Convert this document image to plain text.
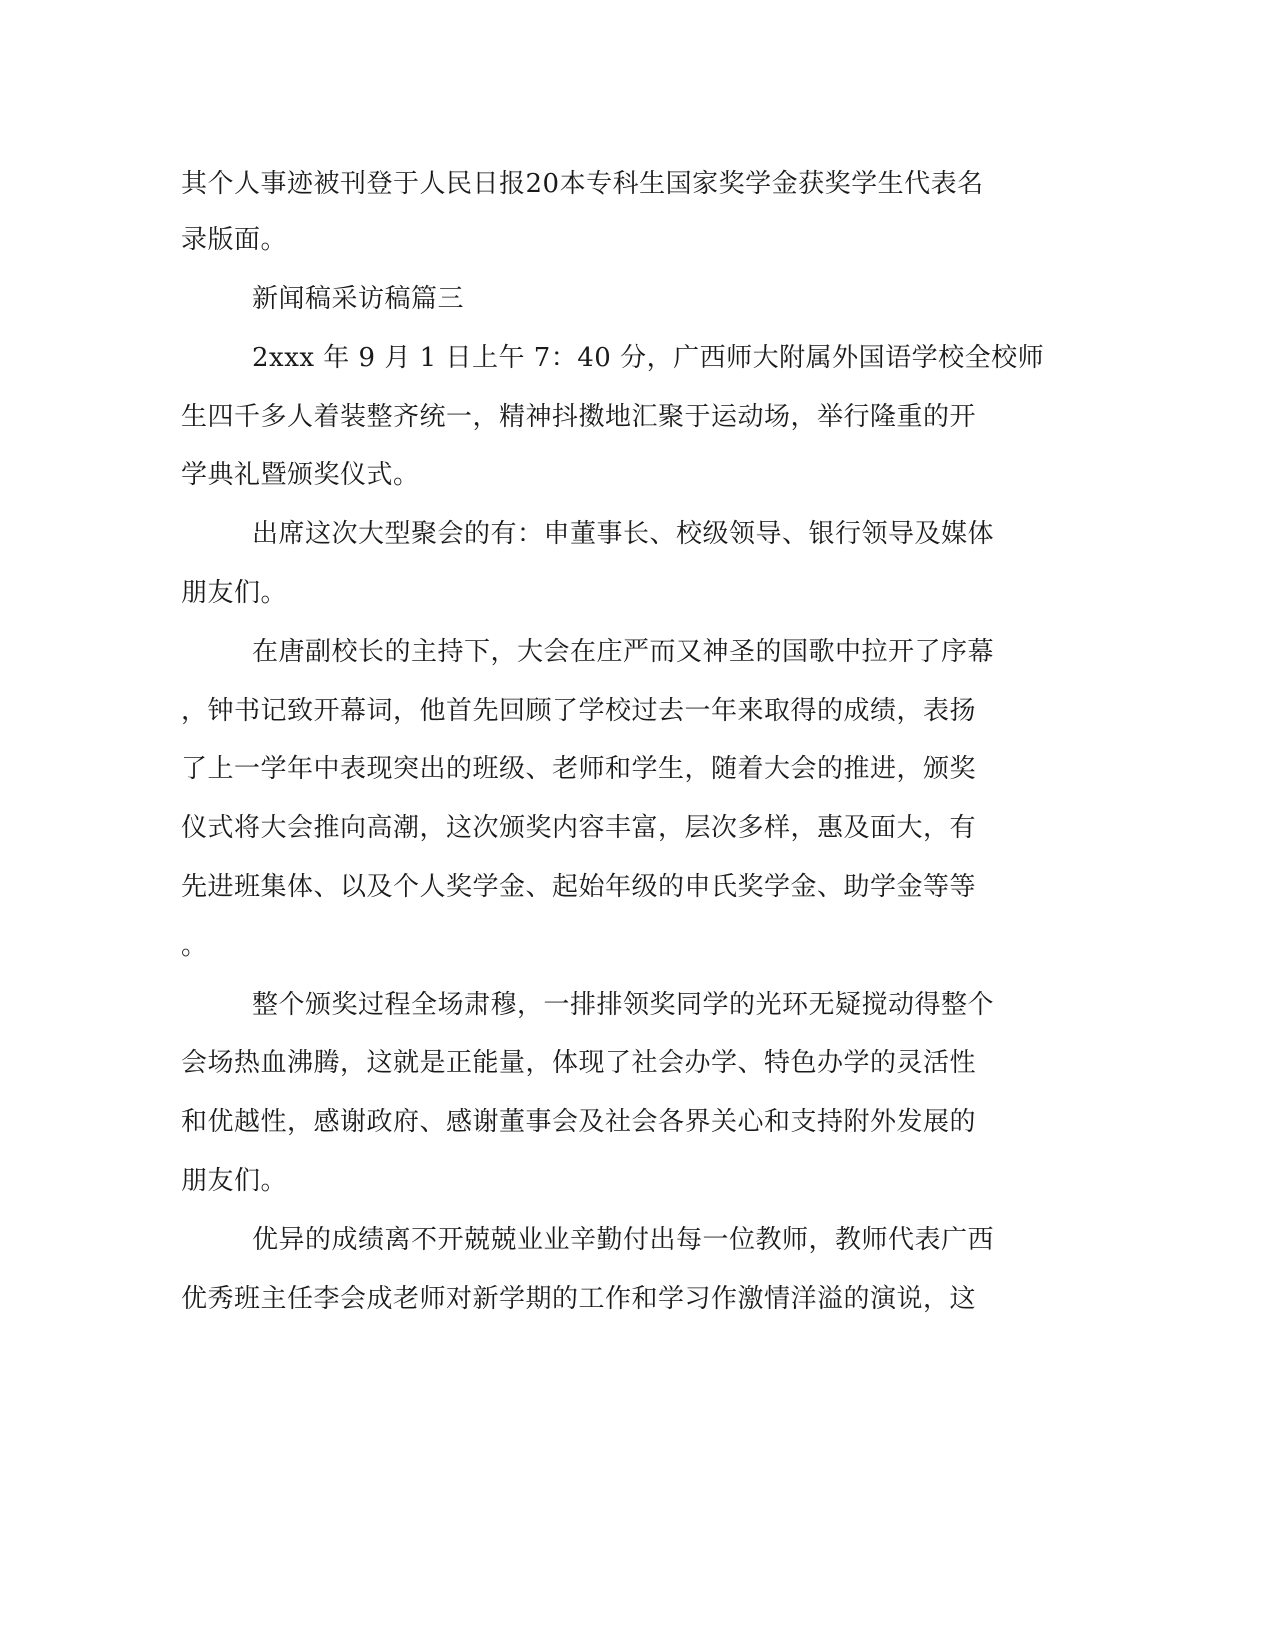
其个人事迹被刊登于人民日报20本专科生国家奖学金获奖学生代表名
录版面。
新闻稿采访稿篇三
2xxx 年 9 月 1 日上午 7：40 分，广西师大附属外国语学校全校师
生四千多人着装整齐统一，精神抖擞地汇聚于运动场，举行隆重的开
学典礼暨颁奖仪式。
出席这次大型聚会的有：申董事长、校级领导、银行领导及媒体
朋友们。
在唐副校长的主持下，大会在庄严而又神圣的国歌中拉开了序幕
，钟书记致开幕词，他首先回顾了学校过去一年来取得的成绩，表扬
了上一学年中表现突出的班级、老师和学生，随着大会的推进，颁奖
仪式将大会推向高潮，这次颁奖内容丰富，层次多样，惠及面大，有
先进班集体、以及个人奖学金、起始年级的申氏奖学金、助学金等等
。
整个颁奖过程全场肃穆，一排排领奖同学的光环无疑搅动得整个
会场热血沸腾，这就是正能量，体现了社会办学、特色办学的灵活性
和优越性，感谢政府、感谢董事会及社会各界关心和支持附外发展的
朋友们。
优异的成绩离不开兢兢业业辛勤付出每一位教师，教师代表广西
优秀班主任李会成老师对新学期的工作和学习作激情洋溢的演说，这
